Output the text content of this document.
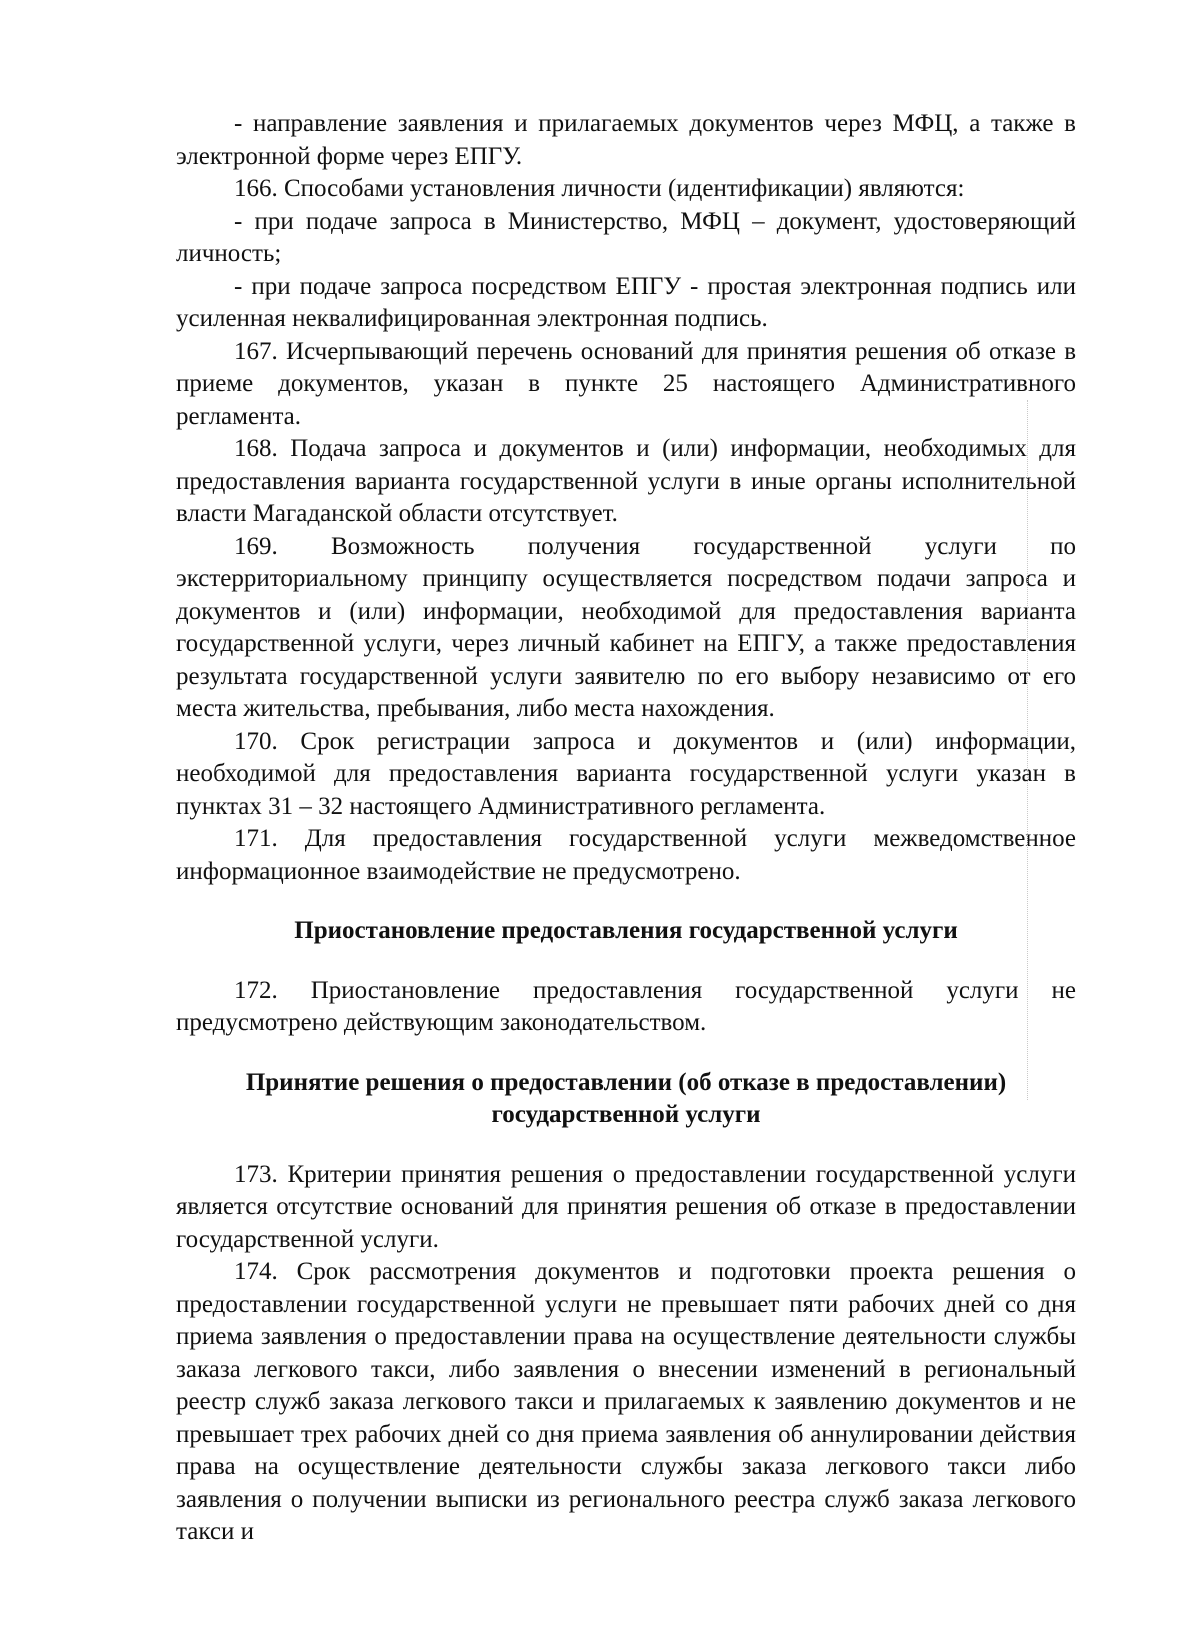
- направление заявления и прилагаемых документов через МФЦ, а также в электронной форме через ЕПГУ.

166. Способами установления личности (идентификации) являются:

- при подаче запроса в Министерство, МФЦ – документ, удостоверяющий личность;

- при подаче запроса посредством ЕПГУ - простая электронная подпись или усиленная неквалифицированная электронная подпись.

167. Исчерпывающий перечень оснований для принятия решения об отказе в приеме документов, указан в пункте 25 настоящего Административного регламента.

168. Подача запроса и документов и (или) информации, необходимых для предоставления варианта государственной услуги в иные органы исполнительной власти Магаданской области отсутствует.

169. Возможность получения государственной услуги по экстерриториальному принципу осуществляется посредством подачи запроса и документов и (или) информации, необходимой для предоставления варианта государственной услуги, через личный кабинет на ЕПГУ, а также предоставления результата государственной услуги заявителю по его выбору независимо от его места жительства, пребывания, либо места нахождения.

170. Срок регистрации запроса и документов и (или) информации, необходимой для предоставления варианта государственной услуги указан в пунктах 31 – 32 настоящего Административного регламента.

171. Для предоставления государственной услуги межведомственное информационное взаимодействие не предусмотрено.

Приостановление предоставления государственной услуги

172. Приостановление предоставления государственной услуги не предусмотрено действующим законодательством.

Принятие решения о предоставлении (об отказе в предоставлении)
государственной услуги

173. Критерии принятия решения о предоставлении государственной услуги является отсутствие оснований для принятия решения об отказе в предоставлении государственной услуги.

174. Срок рассмотрения документов и подготовки проекта решения о предоставлении государственной услуги не превышает пяти рабочих дней со дня приема заявления о предоставлении права на осуществление деятельности службы заказа легкового такси, либо заявления о внесении изменений в региональный реестр служб заказа легкового такси и прилагаемых к заявлению документов и не превышает трех рабочих дней со дня приема заявления об аннулировании действия права на осуществление деятельности службы заказа легкового такси либо заявления о получении выписки из регионального реестра служб заказа легкового такси и
